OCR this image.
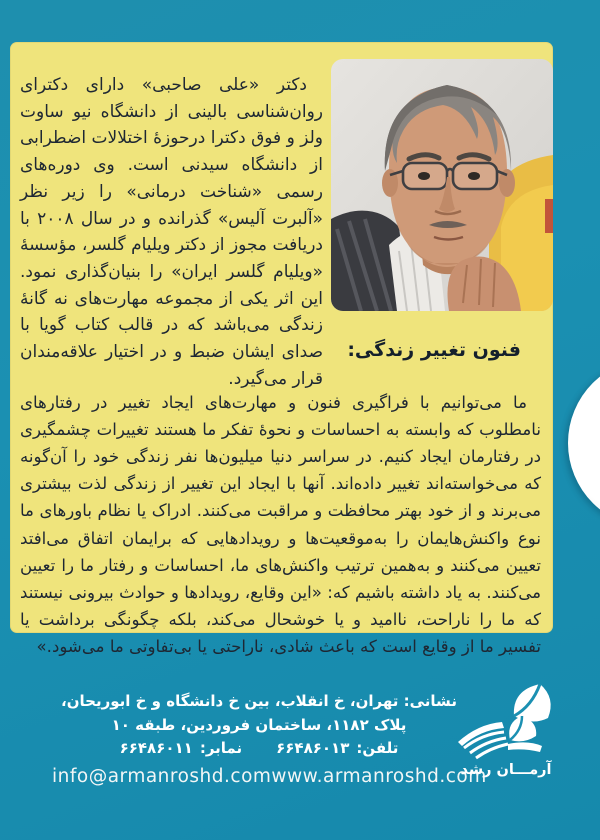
دکتر «علی صاحبی» دارای دکترای روان‌شناسی بالینی از دانشگاه نیو ساوت ولز و فوق دکترا درحوزهٔ اختلالات اضطرابی از دانشگاه سیدنی است. وی دوره‌های رسمی «شناخت درمانی» را زیر نظر «آلبرت آلیس» گذرانده و در سال ۲۰۰۸ با دریافت مجوز از دکتر ویلیام گلسر، مؤسسهٔ «ویلیام گلسر ایران» را بنیان‌گذاری نمود. این اثر یکی از مجموعه مهارت‌های نه گانهٔ زندگی می‌باشد که در قالب کتاب گویا با صدای ایشان ضبط و در اختیار علاقه‌مندان قرار می‌گیرد.

فنون تغییر زندگی:

ما می‌توانیم با فراگیری فنون و مهارت‌های ایجاد تغییر در رفتارهای نامطلوب که وابسته به احساسات و نحوهٔ تفکر ما هستند تغییرات چشمگیری در رفتارمان ایجاد کنیم. در سراسر دنیا میلیون‌ها نفر زندگی خود را آن‌گونه که می‌خواسته‌اند تغییر داده‌اند. آنها با ایجاد این تغییر از زندگی لذت بیشتری می‌برند و از خود بهتر محافظت و مراقبت می‌کنند. ادراک یا نظام باورهای ما نوع واکنش‌هایمان را به‌موقعیت‌ها و رویدادهایی که برایمان اتفاق می‌افتد تعیین می‌کنند و به‌همین ترتیب واکنش‌های ما، احساسات و رفتار ما را تعیین می‌کنند. به یاد داشته باشیم که: «این وقایع، رویدادها و حوادث بیرونی نیستند که ما را ناراحت، ناامید و یا خوشحال می‌کند، بلکه چگونگی برداشت یا تفسیر ما از وقایع است که باعث شادی، ناراحتی یا بی‌تفاوتی ما می‌شود.»

نشانی: تهران، خ انقلاب، بین خ دانشگاه و خ ابوریحان،
پلاک ۱۱۸۲، ساختمان فروردین، طبقه ۱۰
تلفن:
۶۶۴۸۶۰۱۳
نمابر:
۶۶۴۸۶۰۱۱
info@armanroshd.com www.armanroshd.com
آرمـــان رشد
